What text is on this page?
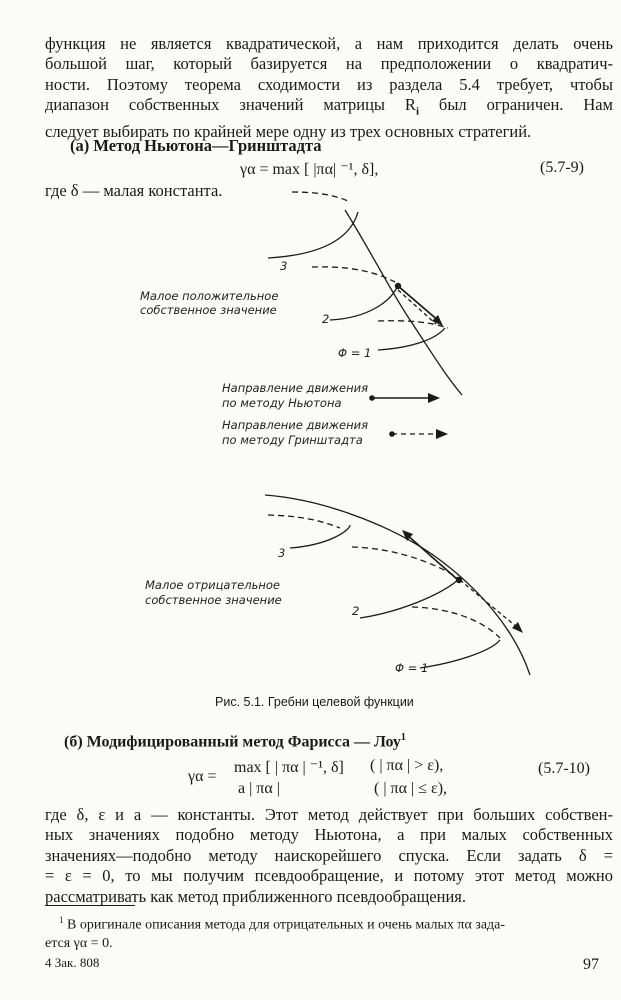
функция не является квадратической, а нам приходится делать очень
большой шаг, который базируется на предположении о квадратич-
ности. Поэтому теорема сходимости из раздела 5.4 требует, чтобы
диапазон собственных значений матрицы $R_i$ был ограничен. Нам
следует выбирать по крайней мере одну из трех основных стратегий.
(а) Метод Ньютона—Гринштадта
γα = max [ |πα| ⁻¹, δ],	(5.7-9)
где δ — малая константа.
3
Малое положительное
собственное значение
2
Φ = 1
Направление движения
по методу Ньютона
Направление движения
по методу Гринштадта
3
Малое отрицательное
собственное значение
2
Φ = 1
Рис. 5.1. Гребни целевой функции
(б) Модифицированный метод Фарисса — Лоу$^1$
γα =
max [ | πα | ⁻¹, δ] ( | πα | > ε),
a | πα |	( | πα | ≤ ε),
(5.7-10)
где δ, ε и a — константы. Этот метод действует при больших собствен-
ных значениях подобно методу Ньютона, а при малых собственных
значениях—подобно методу наискорейшего спуска. Если задать δ =
= ε = 0, то мы получим псевдообращение, и потому этот метод можно
рассматривать как метод приближенного псевдообращения.
$^1$ В оригинале описания метода для отрицательных и очень малых πα зада-
ется γα = 0.
4 Зак. 808	97
